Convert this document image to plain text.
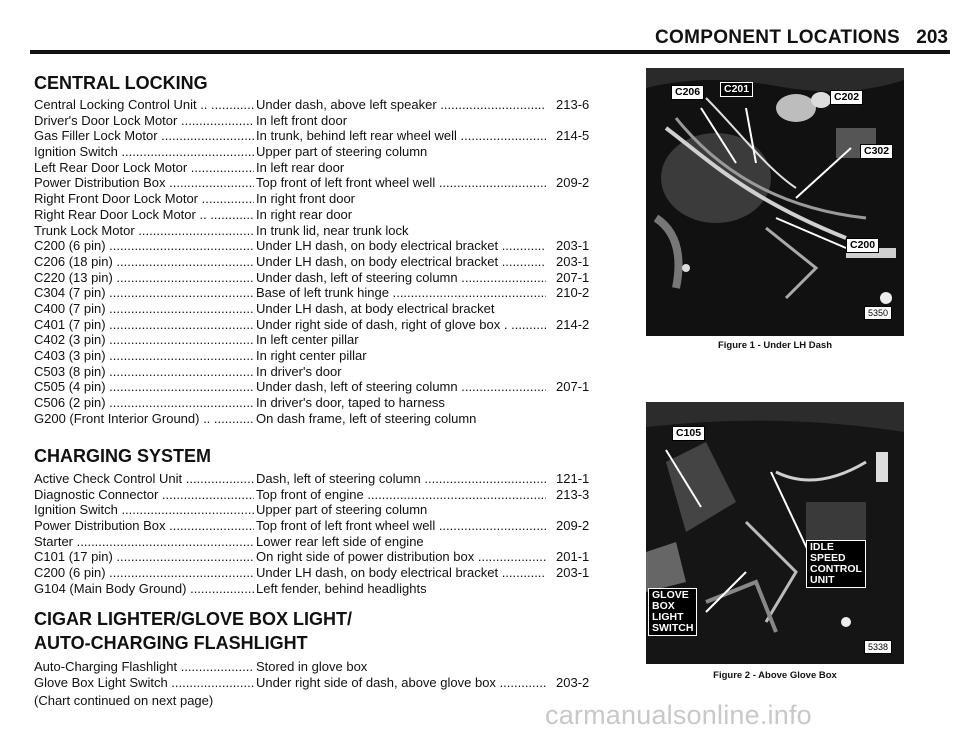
COMPONENT LOCATIONS 203
CENTRAL LOCKING
Central Locking Control Unit .. .....	Under dash, above left speaker .....	213-6
Driver's Door Lock Motor .....	In left front door
Gas Filler Lock Motor .....	In trunk, behind left rear wheel well .....	214-5
Ignition Switch .....	Upper part of steering column
Left Rear Door Lock Motor .....	In left rear door
Power Distribution Box .....	Top front of left front wheel well .....	209-2
Right Front Door Lock Motor .....	In right front door
Right Rear Door Lock Motor .. .....	In right rear door
Trunk Lock Motor .....	In trunk lid, near trunk lock
C200 (6 pin) .....	Under LH dash, on body electrical bracket .....	203-1
C206 (18 pin) .....	Under LH dash, on body electrical bracket .....	203-1
C220 (13 pin) .....	Under dash, left of steering column .....	207-1
C304 (7 pin) .....	Base of left trunk hinge .....	210-2
C400 (7 pin) .....	Under LH dash, at body electrical bracket
C401 (7 pin) .....	Under right side of dash, right of glove box . .....	214-2
C402 (3 pin) .....	In left center pillar
C403 (3 pin) .....	In right center pillar
C503 (8 pin) .....	In driver's door
C505 (4 pin) .....	Under dash, left of steering column .....	207-1
C506 (2 pin) .....	In driver's door, taped to harness
G200 (Front Interior Ground) .. .....	On dash frame, left of steering column
CHARGING SYSTEM
Active Check Control Unit .....	Dash, left of steering column .....	121-1
Diagnostic Connector .....	Top front of engine .....	213-3
Ignition Switch .....	Upper part of steering column
Power Distribution Box .....	Top front of left front wheel well .....	209-2
Starter .....	Lower rear left side of engine
C101 (17 pin) .....	On right side of power distribution box .....	201-1
C200 (6 pin) .....	Under LH dash, on body electrical bracket .....	203-1
G104 (Main Body Ground) .....	Left fender, behind headlights
CIGAR LIGHTER/GLOVE BOX LIGHT/
AUTO-CHARGING FLASHLIGHT
Auto-Charging Flashlight .....	Stored in glove box
Glove Box Light Switch .....	Under right side of dash, above glove box .....	203-2
(Chart continued on next page)
C206	C201
C202
C302
C200
5350
Figure 1 - Under LH Dash
C105
IDLE
SPEED
CONTROL
UNIT
GLOVE
BOX
LIGHT
SWITCH
5338
Figure 2 - Above Glove Box
carmanualsonline.info
